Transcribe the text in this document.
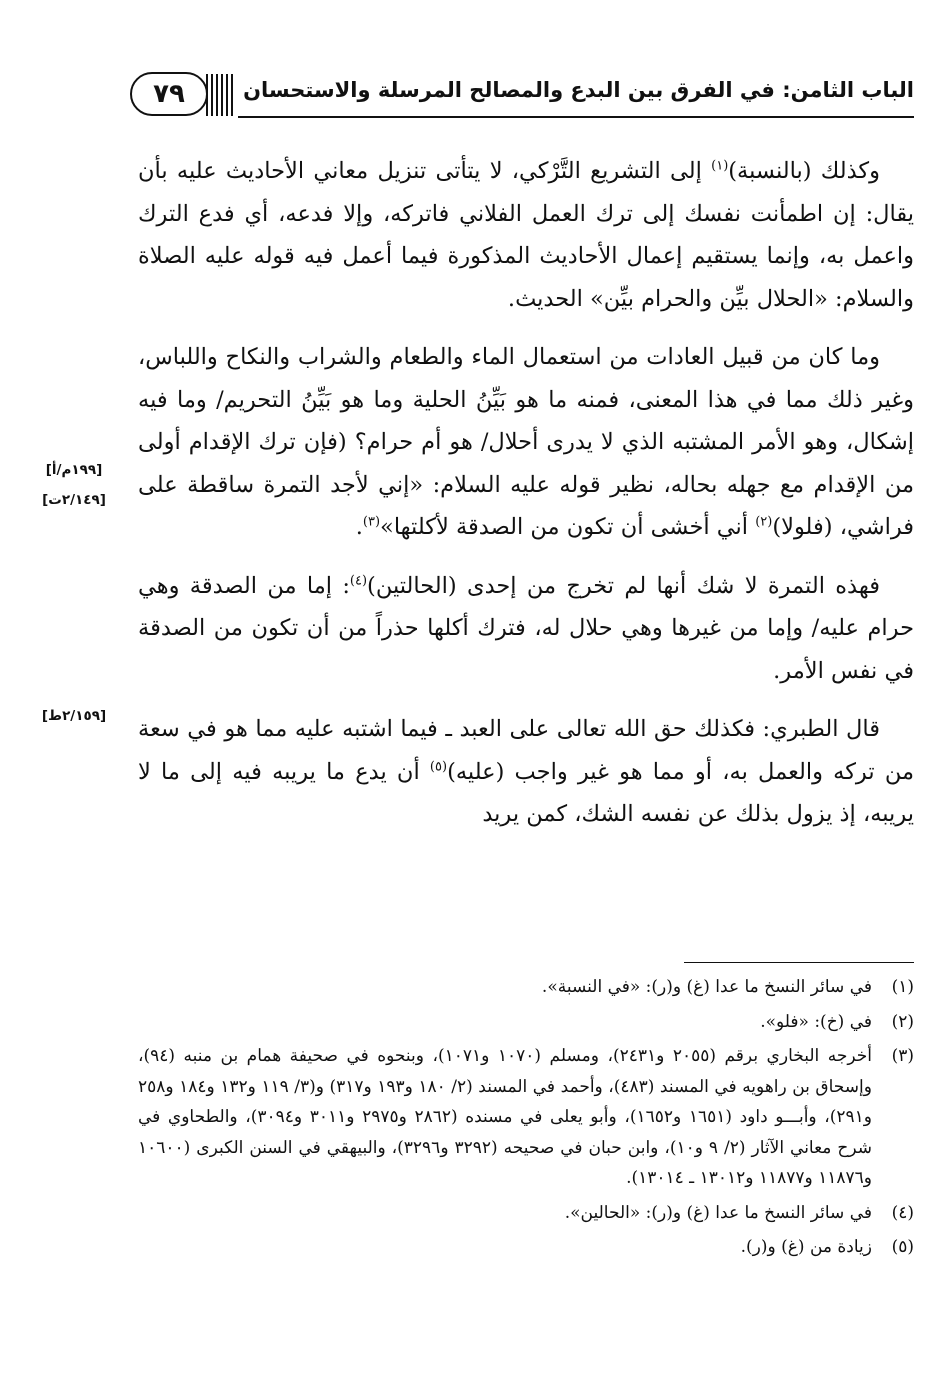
٧٩	الباب الثامن: في الفرق بين البدع والمصالح المرسلة والاستحسان
[١٩٩م/أ]
[٢/١٤٩ت]
[٢/١٥٩ط]

وكذلك (بالنسبة)$^{(١)}$ إلى التشريع التَّرْكي، لا يتأتى تنزيل معاني الأحاديث عليه بأن يقال: إن اطمأنت نفسك إلى ترك العمل الفلاني فاتركه، وإلا فدعه، أي فدع الترك واعمل به، وإنما يستقيم إعمال الأحاديث المذكورة فيما أعمل فيه قوله عليه الصلاة والسلام: «الحلال بيِّن والحرام بيِّن» الحديث.

وما كان من قبيل العادات من استعمال الماء والطعام والشراب والنكاح واللباس، وغير ذلك مما في هذا المعنى، فمنه ما هو بَيِّنُ الحلية وما هو بَيِّنُ التحريم/ وما فيه إشكال، وهو الأمر المشتبه الذي لا يدرى أحلال/ هو أم حرام؟ (فإن ترك الإقدام أولى من الإقدام مع جهله بحاله، نظير قوله عليه السلام: «إني لأجد التمرة ساقطة على فراشي، (فلولا)$^{(٢)}$ أني أخشى أن تكون من الصدقة لأكلتها»$^{(٣)}$.

فهذه التمرة لا شك أنها لم تخرج من إحدى (الحالتين)$^{(٤)}$: إما من الصدقة وهي حرام عليه/ وإما من غيرها وهي حلال له، فترك أكلها حذراً من أن تكون من الصدقة في نفس الأمر.

قال الطبري: فكذلك حق الله تعالى على العبد ـ فيما اشتبه عليه مما هو في سعة من تركه والعمل به، أو مما هو غير واجب (عليه)$^{(٥)}$ أن يدع ما يريبه فيه إلى ما لا يريبه، إذ يزول بذلك عن نفسه الشك، كمن يريد

(١)
في سائر النسخ ما عدا (غ) و(ر): «في النسبة».
(٢)
في (خ): «فلو».
(٣)
أخرجه البخاري برقم (٢٠٥٥ و٢٤٣١)، ومسلم (١٠٧٠ و١٠٧١)، وبنحوه في صحيفة همام بن منبه (٩٤)، وإسحاق بن راهويه في المسند (٤٨٣)، وأحمد في المسند (٢/ ١٨٠ و١٩٣ و٣١٧) و(٣/ ١١٩ و١٣٢ و١٨٤ و٢٥٨ و٢٩١)، وأبـــو داود (١٦٥١ و١٦٥٢)، وأبو يعلى في مسنده (٢٨٦٢ و٢٩٧٥ و٣٠١١ و٣٠٩٤)، والطحاوي في شرح معاني الآثار (٢/ ٩ و١٠)، وابن حبان في صحيحه (٣٢٩٢ و٣٢٩٦)، والبيهقي في السنن الكبرى (١٠٦٠٠ و١١٨٧٦ و١١٨٧٧ و١٣٠١٢ ـ ١٣٠١٤).
(٤)
في سائر النسخ ما عدا (غ) و(ر): «الحالين».
(٥)
زيادة من (غ) و(ر).
